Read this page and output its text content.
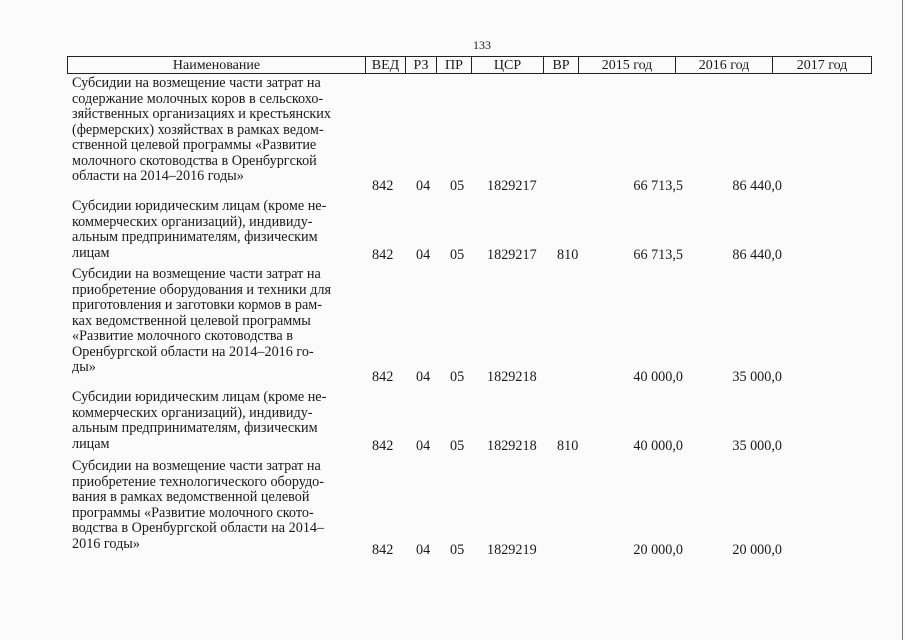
133
Наименование	ВЕД	РЗ	ПР	ЦСР	ВР	2015 год	2016 год	2017 год
Субсидии на возмещение части затрат на
содержание молочных коров в сельскохо-
зяйственных организациях и крестьянских
(фермерских) хозяйствах в рамках ведом-
ственной целевой программы «Развитие
молочного скотоводства в Оренбургской
области на 2014–2016 годы»
842 04 05 1829217	66 713,5	86 440,0
Субсидии юридическим лицам (кроме не-
коммерческих организаций), индивиду-
альным предпринимателям, физическим
лицам	842 04 05 1829217 810	66 713,5	86 440,0
Субсидии на возмещение части затрат на
приобретение оборудования и техники для
приготовления и заготовки кормов в рам-
ках ведомственной целевой программы
«Развитие молочного скотоводства в
Оренбургской области на 2014–2016 го-
ды»
842 04 05 1829218	40 000,0	35 000,0
Субсидии юридическим лицам (кроме не-
коммерческих организаций), индивиду-
альным предпринимателям, физическим
лицам	842 04 05 1829218 810	40 000,0	35 000,0
Субсидии на возмещение части затрат на
приобретение технологического оборудо-
вания в рамках ведомственной целевой
программы «Развитие молочного ското-
водства в Оренбургской области на 2014–
2016 годы»	842 04 05 1829219	20 000,0	20 000,0
